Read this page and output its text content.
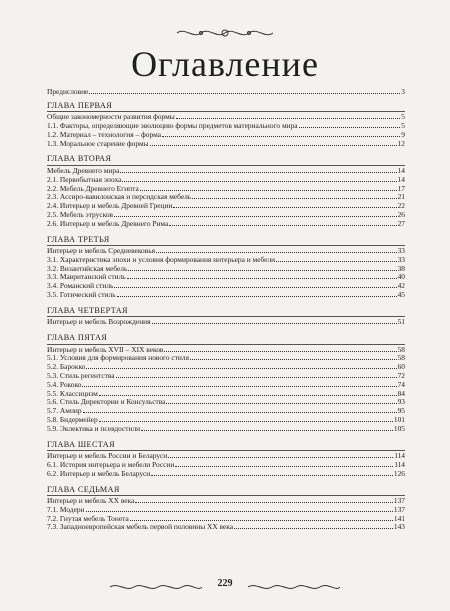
Оглавление
Предисловие	3
ГЛАВА ПЕРВАЯ
Общие закономерности развития формы	5
1.1. Факторы, определяющие эволюцию формы предметов материального мира	5
1.2. Материал – технология – форма	9
1.3. Моральное старение формы	12
ГЛАВА ВТОРАЯ
Мебель Древнего мира	14
2.1. Первобытная эпоха	14
2.2. Мебель Древнего Египта	17
2.3. Ассиро-вавилонская и персидская мебель	21
2.4. Интерьер и мебель Древней Греции	22
2.5. Мебель этрусков	26
2.6. Интерьер и мебель Древнего Рима	27
ГЛАВА ТРЕТЬЯ
Интерьер и мебель Средневековья	33
3.1. Характеристика эпохи и условия формирования интерьера и мебели	33
3.2. Византийская мебель	38
3.3. Мавританский стиль	40
3.4. Романский стиль	42
3.5. Готический стиль	45
ГЛАВА ЧЕТВЕРТАЯ
Интерьер и мебель Возрождения	51
ГЛАВА ПЯТАЯ
Интерьер и мебель XVII – XIX веков	58
5.1. Условия для формирования нового стиля	58
5.2. Барокко	60
5.3. Стиль регентства	72
5.4. Рококо	74
5.5. Классицизм	84
5.6. Стиль Директории и Консульства	93
5.7. Ампир	95
5.8. Бидермейер	101
5.9. Эклектика и псевдостили	105
ГЛАВА ШЕСТАЯ
Интерьер и мебель России и Беларуси	114
6.1. История интерьера и мебели России	114
6.2. Интерьер и мебель Беларуси	126
ГЛАВА СЕДЬМАЯ
Интерьер и мебель XX века	137
7.1. Модерн	137
7.2. Гнутая мебель Тонета	141
7.3. Западноевропейская мебель первой половины XX века	143
229
